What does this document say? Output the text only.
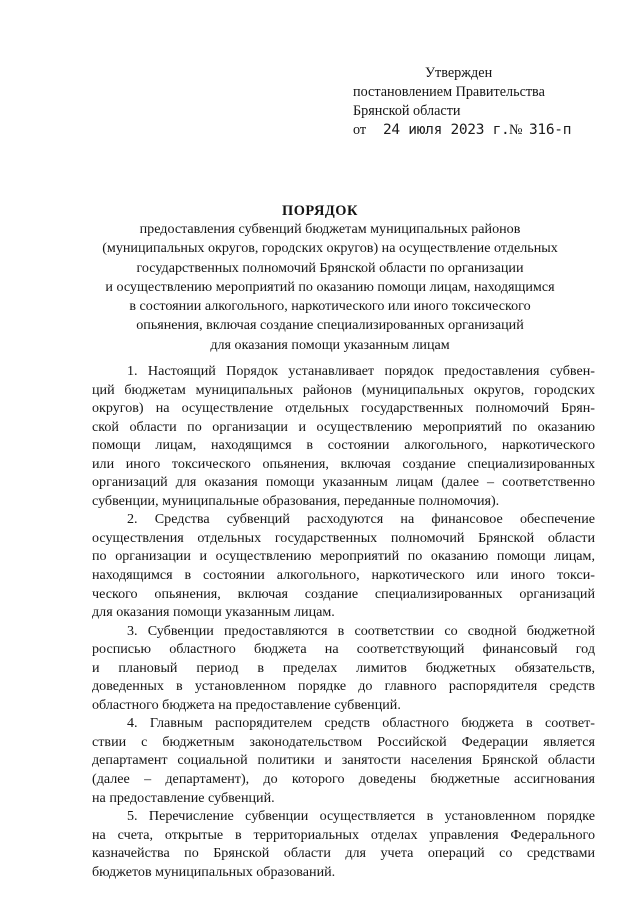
Утвержден
постановлением Правительства
Брянской области
от	24 июля 2023 г. № 316-п
ПОРЯДОК
предоставления субвенций бюджетам муниципальных районов
(муниципальных округов, городских округов) на осуществление отдельных
государственных полномочий Брянской области по организации
и осуществлению мероприятий по оказанию помощи лицам, находящимся
в состоянии алкогольного, наркотического или иного токсического
опьянения, включая создание специализированных организаций
для оказания помощи указанным лицам
1. Настоящий Порядок устанавливает порядок предоставления субвен-
ций бюджетам муниципальных районов (муниципальных округов, городских
округов) на осуществление отдельных государственных полномочий Брян-
ской области по организации и осуществлению мероприятий по оказанию
помощи лицам, находящимся в состоянии алкогольного, наркотического
или иного токсического опьянения, включая создание специализированных
организаций для оказания помощи указанным лицам (далее – соответственно
субвенции, муниципальные образования, переданные полномочия).
2. Средства субвенций расходуются на финансовое обеспечение
осуществления отдельных государственных полномочий Брянской области
по организации и осуществлению мероприятий по оказанию помощи лицам,
находящимся в состоянии алкогольного, наркотического или иного токси-
ческого опьянения, включая создание специализированных организаций
для оказания помощи указанным лицам.
3. Субвенции предоставляются в соответствии со сводной бюджетной
росписью областного бюджета на соответствующий финансовый год
и плановый период в пределах лимитов бюджетных обязательств,
доведенных в установленном порядке до главного распорядителя средств
областного бюджета на предоставление субвенций.
4. Главным распорядителем средств областного бюджета в соответ-
ствии с бюджетным законодательством Российской Федерации является
департамент социальной политики и занятости населения Брянской области
(далее – департамент), до которого доведены бюджетные ассигнования
на предоставление субвенций.
5. Перечисление субвенции осуществляется в установленном порядке
на счета, открытые в территориальных отделах управления Федерального
казначейства по Брянской области для учета операций со средствами
бюджетов муниципальных образований.
